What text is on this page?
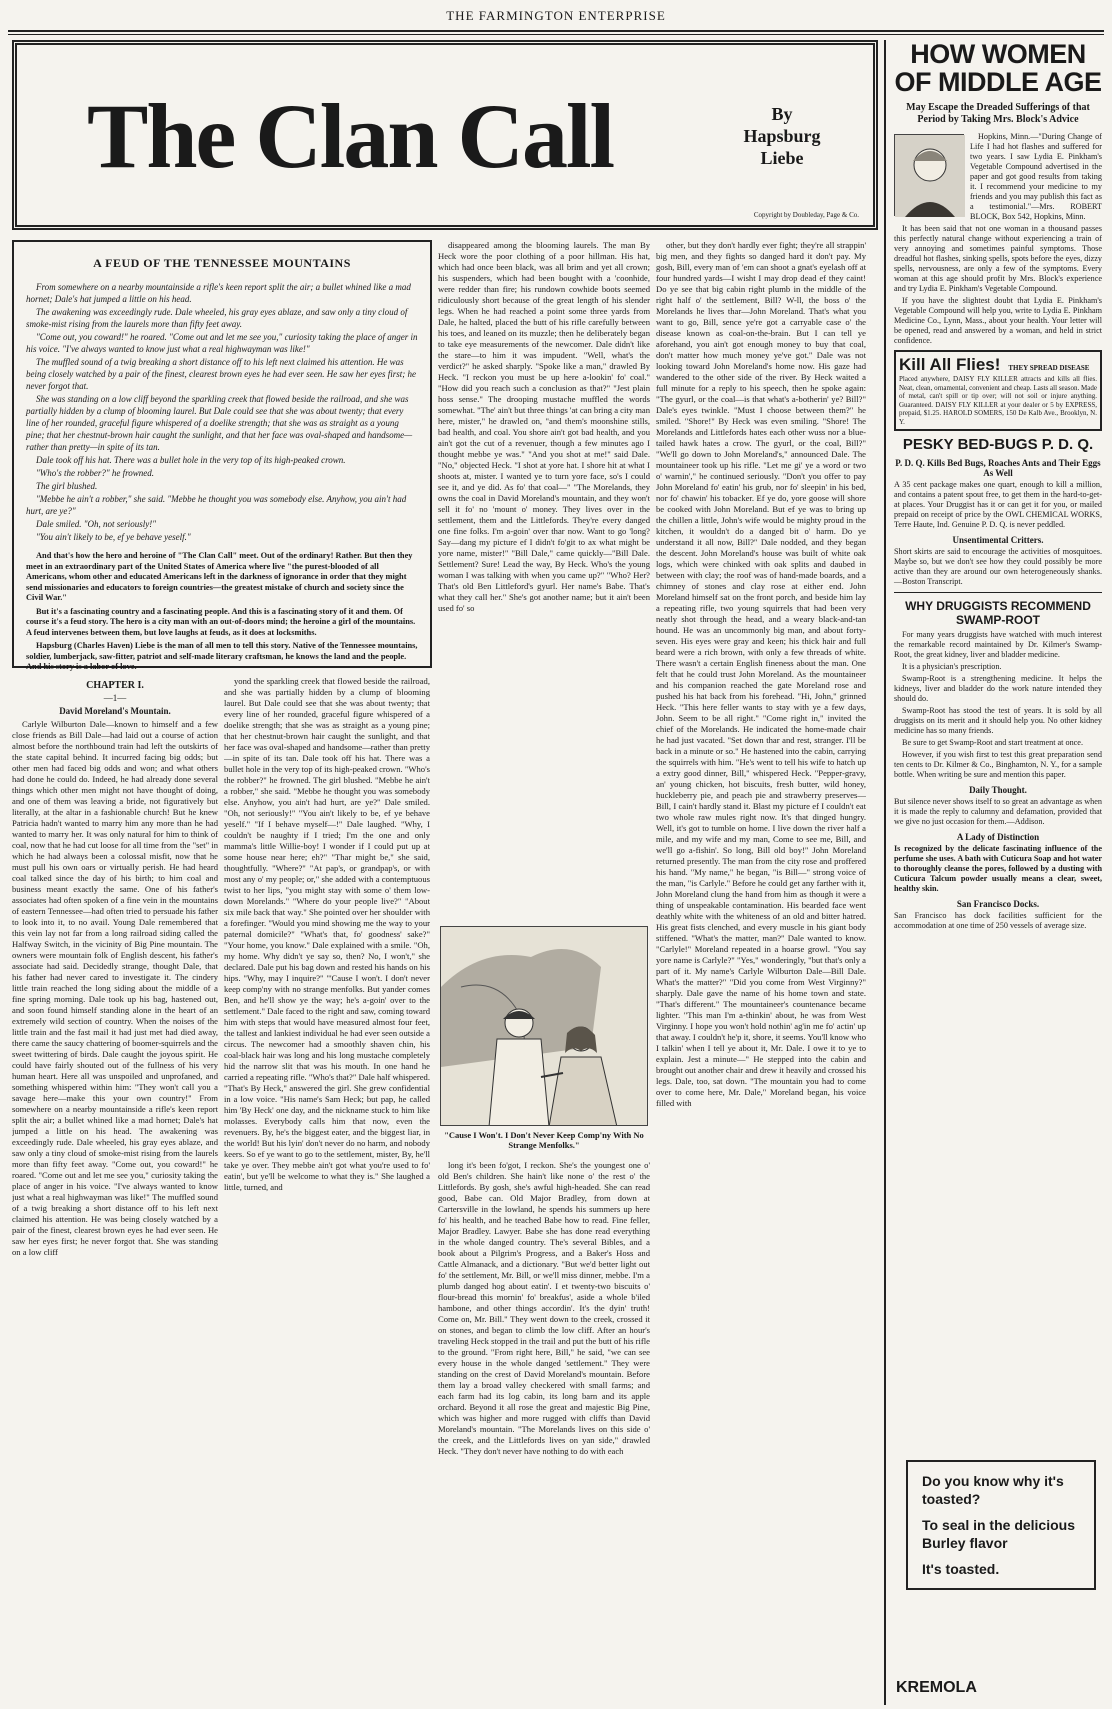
THE FARMINGTON ENTERPRISE
The Clan Call	By
Hapsburg
Liebe
Copyright by Doubleday, Page & Co.
A FEUD OF THE TENNESSEE MOUNTAINS

From somewhere on a nearby mountainside a rifle's keen report split the air; a bullet whined like a mad hornet; Dale's hat jumped a little on his head.

The awakening was exceedingly rude. Dale wheeled, his gray eyes ablaze, and saw only a tiny cloud of smoke-mist rising from the laurels more than fifty feet away.

"Come out, you coward!" he roared. "Come out and let me see you," curiosity taking the place of anger in his voice. "I've always wanted to know just what a real highwayman was like!"

The muffled sound of a twig breaking a short distance off to his left next claimed his attention. He was being closely watched by a pair of the finest, clearest brown eyes he had ever seen. He saw her eyes first; he never forgot that.

She was standing on a low cliff beyond the sparkling creek that flowed beside the railroad, and she was partially hidden by a clump of blooming laurel. But Dale could see that she was about twenty; that every line of her rounded, graceful figure whispered of a doelike strength; that she was as straight as a young pine; that her chestnut-brown hair caught the sunlight, and that her face was oval-shaped and handsome—rather than pretty—in spite of its tan.

Dale took off his hat. There was a bullet hole in the very top of its high-peaked crown.

"Who's the robber?" he frowned.

The girl blushed.

"Mebbe he ain't a robber," she said. "Mebbe he thought you was somebody else. Anyhow, you ain't had hurt, are ye?"

Dale smiled. "Oh, not seriously!"

"You ain't likely to be, ef ye behave yeself."

And that's how the hero and heroine of "The Clan Call" meet. Out of the ordinary! Rather. But then they meet in an extraordinary part of the United States of America where live "the purest-blooded of all Americans, whom other and educated Americans left in the darkness of ignorance in order that they might send missionaries and educators to foreign countries—the greatest mistake of church and society since the Civil War."

But it's a fascinating country and a fascinating people. And this is a fascinating story of it and them. Of course it's a feud story. The hero is a city man with an out-of-doors mind; the heroine a girl of the mountains. A feud intervenes between them, but love laughs at feuds, as it does at locksmiths.

Hapsburg (Charles Haven) Liebe is the man of all men to tell this story. Native of the Tennessee mountains, soldier, lumberjack, saw-fitter, patriot and self-made literary craftsman, he knows the land and the people. And his story is a labor of love.

CHAPTER I.
—1—
David Moreland's Mountain.

Carlyle Wilburton Dale—known to himself and a few close friends as Bill Dale—had laid out a course of action almost before the northbound train had left the outskirts of the state capital behind. It incurred facing big odds; but other men had faced big odds and won; and what others had done he could do. Indeed, he had already done several things which other men might not have thought of doing, and one of them was leaving a bride, not figuratively but literally, at the altar in a fashionable church! But he knew Patricia hadn't wanted to marry him any more than he had wanted to marry her. It was only natural for him to think of coal, now that he had cut loose for all time from the "set" in which he had always been a colossal misfit, now that he must pull his own oars or virtually perish. He had heard coal talked since the day of his birth; to him coal and business meant exactly the same. One of his father's associates had often spoken of a fine vein in the mountains of eastern Tennessee—had often tried to persuade his father to look into it, to no avail. Young Dale remembered that this vein lay not far from a long railroad siding called the Halfway Switch, in the vicinity of Big Pine mountain. The owners were mountain folk of English descent, his father's associate had said. Decidedly strange, thought Dale, that his father had never cared to investigate it. The cindery little train reached the long siding about the middle of a fine spring morning. Dale took up his bag, hastened out, and soon found himself standing alone in the heart of an extremely wild section of country. When the noises of the little train and the fast mail it had just met had died away, there came the saucy chattering of boomer-squirrels and the sweet twittering of birds. Dale caught the joyous spirit. He could have fairly shouted out of the fullness of his very human heart. Here all was unspoiled and unprofaned, and something whispered within him: "They won't call you a savage here—make this your own country!" From somewhere on a nearby mountainside a rifle's keen report split the air; a bullet whined like a mad hornet; Dale's hat jumped a little on his head. The awakening was exceedingly rude. Dale wheeled, his gray eyes ablaze, and saw only a tiny cloud of smoke-mist rising from the laurels more than fifty feet away. "Come out, you coward!" he roared. "Come out and let me see you," curiosity taking the place of anger in his voice. "I've always wanted to know just what a real highwayman was like!" The muffled sound of a twig breaking a short distance off to his left next claimed his attention. He was being closely watched by a pair of the finest, clearest brown eyes he had ever seen. He saw her eyes first; he never forgot that. She was standing on a low cliff

yond the sparkling creek that flowed beside the railroad, and she was partially hidden by a clump of blooming laurel. But Dale could see that she was about twenty; that every line of her rounded, graceful figure whispered of a doelike strength; that she was as straight as a young pine; that her chestnut-brown hair caught the sunlight, and that her face was oval-shaped and handsome—rather than pretty—in spite of its tan. Dale took off his hat. There was a bullet hole in the very top of its high-peaked crown. "Who's the robber?" he frowned. The girl blushed. "Mebbe he ain't a robber," she said. "Mebbe he thought you was somebody else. Anyhow, you ain't had hurt, are ye?" Dale smiled. "Oh, not seriously!" "You ain't likely to be, ef ye behave yeself." "If I behave myself—!" Dale laughed. "Why, I couldn't be naughty if I tried; I'm the one and only mamma's little Willie-boy! I wonder if I could put up at some house near here; eh?" "Thar might be," she said, thoughtfully. "Where?" "At pap's, or grandpap's, or with most any o' my people; or," she added with a contemptuous twist to her lips, "you might stay with some o' them low-down Morelands." "Where do your people live?" "About six mile back that way." She pointed over her shoulder with a forefinger. "Would you mind showing me the way to your paternal domicile?" "What's that, fo' goodness' sake?" "Your home, you know." Dale explained with a smile. "Oh, my home. Why didn't ye say so, then? No, I won't," she declared. Dale put his bag down and rested his hands on his hips. "Why, may I inquire?" "'Cause I won't. I don't never keep comp'ny with no strange menfolks. But yander comes Ben, and he'll show ye the way; he's a-goin' over to the settlement." Dale faced to the right and saw, coming toward him with steps that would have measured almost four feet, the tallest and lankiest individual he had ever seen outside a circus. The newcomer had a smoothly shaven chin, his coal-black hair was long and his long mustache completely hid the narrow slit that was his mouth. In one hand he carried a repeating rifle. "Who's that?" Dale half whispered. "That's By Heck," answered the girl. She grew confidential in a low voice. "His name's Sam Heck; but pap, he called him 'By Heck' one day, and the nickname stuck to him like molasses. Everybody calls him that now, even the revenuers. By, he's the biggest eater, and the biggest liar, in the world! But his lyin' don't never do no harm, and nobody keers. So ef ye want to go to the settlement, mister, By, he'll take ye over. They mebbe ain't got what you're used to fo' eatin', but ye'll be welcome to what they is." She laughed a little, turned, and

disappeared among the blooming laurels. The man By Heck wore the poor clothing of a poor hillman. His hat, which had once been black, was all brim and yet all crown; his suspenders, which had been bought with a 'coonhide, were redder than fire; his rundown cowhide boots seemed ridiculously short because of the great length of his slender legs. When he had reached a point some three yards from Dale, he halted, placed the butt of his rifle carefully between his toes, and leaned on its muzzle; then he deliberately began to take eye measurements of the newcomer. Dale didn't like the stare—to him it was impudent. "Well, what's the verdict?" he asked sharply. "Spoke like a man," drawled By Heck. "I reckon you must be up here a-lookin' fo' coal." "How did you reach such a conclusion as that?" "Jest plain hoss sense." The drooping mustache muffled the words somewhat. "The' ain't but three things 'at can bring a city man here, mister," he drawled on, "and them's moonshine stills, bad health, and coal. You shore ain't got bad health, and you ain't got the cut of a revenuer, though a few minutes ago I thought mebbe ye was." "And you shot at me!" said Dale. "No," objected Heck. "I shot at yore hat. I shore hit at what I shoots at, mister. I wanted ye to turn yore face, so's I could see it, and ye did. As fo' that coal—" "The Morelands, they owns the coal in David Moreland's mountain, and they won't sell it fo' no 'mount o' money. They lives over in the settlement, them and the Littlefords. They're every danged one fine folks. I'm a-goin' over thar now. Want to go 'long? Say—dang my picture ef I didn't fo'git to ax what might be yore name, mister!" "Bill Dale," came quickly—"Bill Dale. Settlement? Sure! Lead the way, By Heck. Who's the young woman I was talking with when you came up?" "Who? Her? That's old Ben Littleford's gyurl. Her name's Babe. That's what they call her." She's got another name; but it ain't been used fo' so

"Cause I Won't. I Don't Never Keep Comp'ny With No Strange Menfolks."

long it's been fo'got, I reckon. She's the youngest one o' old Ben's children. She hain't like none o' the rest o' the Littlefords. By gosh, she's awful high-headed. She can read good, Babe can. Old Major Bradley, from down at Cartersville in the lowland, he spends his summers up here fo' his health, and he teached Babe how to read. Fine feller, Major Bradley. Lawyer. Babe she has done read everything in the whole danged country. The's several Bibles, and a book about a Pilgrim's Progress, and a Baker's Hoss and Cattle Almanack, and a dictionary. "But we'd better light out fo' the settlement, Mr. Bill, or we'll miss dinner, mebbe. I'm a plumb danged hog about eatin'. I et twenty-two biscuits o' flour-bread this mornin' fo' breakfus', aside a whole b'iled hambone, and other things accordin'. It's the dyin' truth! Come on, Mr. Bill." They went down to the creek, crossed it on stones, and began to climb the low cliff. After an hour's traveling Heck stopped in the trail and put the butt of his rifle to the ground. "From right here, Bill," he said, "we can see every house in the whole danged 'settlement." They were standing on the crest of David Moreland's mountain. Before them lay a broad valley checkered with small farms; and each farm had its log cabin, its long barn and its apple orchard. Beyond it all rose the great and majestic Big Pine, which was higher and more rugged with cliffs than David Moreland's mountain. "The Morelands lives on this side o' the creek, and the Littlefords lives on yan side," drawled Heck. "They don't never have nothing to do with each

other, but they don't hardly ever fight; they're all strappin' big men, and they fights so danged hard it don't pay. My gosh, Bill, every man of 'em can shoot a gnat's eyelash off at four hundred yards—I wisht I may drop dead ef they caint! Do ye see that big cabin right plumb in the middle of the right half o' the settlement, Bill? W-ll, the boss o' the Morelands he lives thar—John Moreland. That's what you want to go, Bill, sence ye're got a carryable case o' the disease known as coal-on-the-brain. But I can tell ye aforehand, you ain't got enough money to buy that coal, don't matter how much money ye've got." Dale was not looking toward John Moreland's home now. His gaze had wandered to the other side of the river. By Heck waited a full minute for a reply to his speech, then he spoke again: "The gyurl, or the coal—is that what's a-botherin' ye? Bill?" Dale's eyes twinkle. "Must I choose between them?" he smiled. "Shore!" By Heck was even smiling. "Shore! The Morelands and Littlefords hates each other wuss nor a blue-tailed hawk hates a crow. The gyurl, or the coal, Bill?" "We'll go down to John Moreland's," announced Dale. The mountaineer took up his rifle. "Let me gi' ye a word or two o' warnin'," he continued seriously. "Don't you offer to pay John Moreland fo' eatin' his grub, nor fo' sleepin' in his bed, nor fo' chawin' his tobacker. Ef ye do, yore goose will shore be cooked with John Moreland. But ef ye was to bring up the chillen a little, John's wife would be mighty proud in the kitchen, it wouldn't do a danged bit o' harm. Do ye understand it all now, Bill?" Dale nodded, and they began the descent. John Moreland's house was built of white oak logs, which were chinked with oak splits and daubed in between with clay; the roof was of hand-made boards, and a chimney of stones and clay rose at either end. John Moreland himself sat on the front porch, and beside him lay a repeating rifle, two young squirrels that had been very neatly shot through the head, and a weary black-and-tan hound. He was an uncommonly big man, and about forty-seven. His eyes were gray and keen; his thick hair and full beard were a rich brown, with only a few threads of white. There wasn't a certain English fineness about the man. One felt that he could trust John Moreland. As the mountaineer and his companion reached the gate Moreland rose and pushed his hat back from his forehead. "Hi, John," grinned Heck. "This here feller wants to stay with ye a few days, John. Seem to be all right." "Come right in," invited the chief of the Morelands. He indicated the home-made chair he had just vacated. "Set down thar and rest, stranger. I'll be back in a minute or so." He hastened into the cabin, carrying the squirrels with him. "He's went to tell his wife to hatch up a extry good dinner, Bill," whispered Heck. "Pepper-gravy, an' young chicken, hot biscuits, fresh butter, wild honey, huckleberry pie, and peach pie and strawberry preserves—Bill, I cain't hardly stand it. Blast my picture ef I couldn't eat two whole raw mules right now. It's that dinged hungry. Well, it's got to tumble on home. I live down the river half a mile, and my wife and my man, Come to see me, Bill, and we'll go a-fishin'. So long, Bill old boy!" John Moreland returned presently. The man from the city rose and proffered his hand. "My name," he began, "is Bill—" strong voice of the man, "is Carlyle." Before he could get any farther with it, John Moreland clung the hand from him as though it were a thing of unspeakable contamination. His bearded face went deathly white with the whiteness of an old and bitter hatred. His great fists clenched, and every muscle in his giant body stiffened. "What's the matter, man?" Dale wanted to know. "Carlyle!" Moreland repeated in a hoarse growl. "You say yore name is Carlyle?" "Yes," wonderingly, "but that's only a part of it. My name's Carlyle Wilburton Dale—Bill Dale. What's the matter?" "Did you come from West Virginny?" sharply. Dale gave the name of his home town and state. "That's different." The mountaineer's countenance became lighter. "This man I'm a-thinkin' about, he was from West Virginny. I hope you won't hold nothin' ag'in me fo' actin' up that away. I couldn't he'p it, shore, it seems. You'll know who I talkin' when I tell ye about it, Mr. Dale. I owe it to ye to explain. Jest a minute—" He stepped into the cabin and brought out another chair and drew it heavily and crossed his legs. Dale, too, sat down. "The mountain you had to come over to come here, Mr. Dale," Moreland began, his voice filled with

HOW WOMEN OF MIDDLE AGE
May Escape the Dreaded Sufferings of that Period by Taking Mrs. Block's Advice

Hopkins, Minn.—"During Change of Life I had hot flashes and suffered for two years. I saw Lydia E. Pinkham's Vegetable Compound advertised in the paper and got good results from taking it. I recommend your medicine to my friends and you may publish this fact as a testimonial."—Mrs. ROBERT BLOCK, Box 542, Hopkins, Minn.

It has been said that not one woman in a thousand passes this perfectly natural change without experiencing a train of very annoying and sometimes painful symptoms. Those dreadful hot flashes, sinking spells, spots before the eyes, dizzy spells, nervousness, are only a few of the symptoms. Every woman at this age should profit by Mrs. Block's experience and try Lydia E. Pinkham's Vegetable Compound.

If you have the slightest doubt that Lydia E. Pinkham's Vegetable Compound will help you, write to Lydia E. Pinkham Medicine Co., Lynn, Mass., about your health. Your letter will be opened, read and answered by a woman, and held in strict confidence.

Kill All Flies! THEY SPREAD DISEASE
Placed anywhere, DAISY FLY KILLER attracts and kills all flies. Neat, clean, ornamental, convenient and cheap. Lasts all season. Made of metal, can't spill or tip over; will not soil or injure anything. Guaranteed. DAISY FLY KILLER at your dealer or 5 by EXPRESS, prepaid, $1.25. HAROLD SOMERS, 150 De Kalb Ave., Brooklyn, N. Y.
PESKY BED-BUGS P. D. Q.
P. D. Q. Kills Bed Bugs, Roaches Ants and Their Eggs As Well
A 35 cent package makes one quart, enough to kill a million, and contains a patent spout free, to get them in the hard-to-get-at places. Your Druggist has it or can get it for you, or mailed prepaid on receipt of price by the OWL CHEMICAL WORKS, Terre Haute, Ind. Genuine P. D. Q. is never peddled.
Unsentimental Critters.
Short skirts are said to encourage the activities of mosquitoes. Maybe so, but we don't see how they could possibly be more active than they are around our own heterogeneously shanks.—Boston Transcript.
WHY DRUGGISTS RECOMMEND SWAMP-ROOT

For many years druggists have watched with much interest the remarkable record maintained by Dr. Kilmer's Swamp-Root, the great kidney, liver and bladder medicine.

It is a physician's prescription.

Swamp-Root is a strengthening medicine. It helps the kidneys, liver and bladder do the work nature intended they should do.

Swamp-Root has stood the test of years. It is sold by all druggists on its merit and it should help you. No other kidney medicine has so many friends.

Be sure to get Swamp-Root and start treatment at once.

However, if you wish first to test this great preparation send ten cents to Dr. Kilmer & Co., Binghamton, N. Y., for a sample bottle. When writing be sure and mention this paper.

Daily Thought.
But silence never shows itself to so great an advantage as when it is made the reply to calumny and defamation, provided that we give no just occasion for them.—Addison.
A Lady of Distinction
Is recognized by the delicate fascinating influence of the perfume she uses. A bath with Cuticura Soap and hot water to thoroughly cleanse the pores, followed by a dusting with Cuticura Talcum powder usually means a clear, sweet, healthy skin.
San Francisco Docks.
San Francisco has dock facilities sufficient for the accommodation at one time of 250 vessels of average size.
Do you know why it's toasted?
To seal in the delicious Burley flavor
It's toasted.
KREMOLA
